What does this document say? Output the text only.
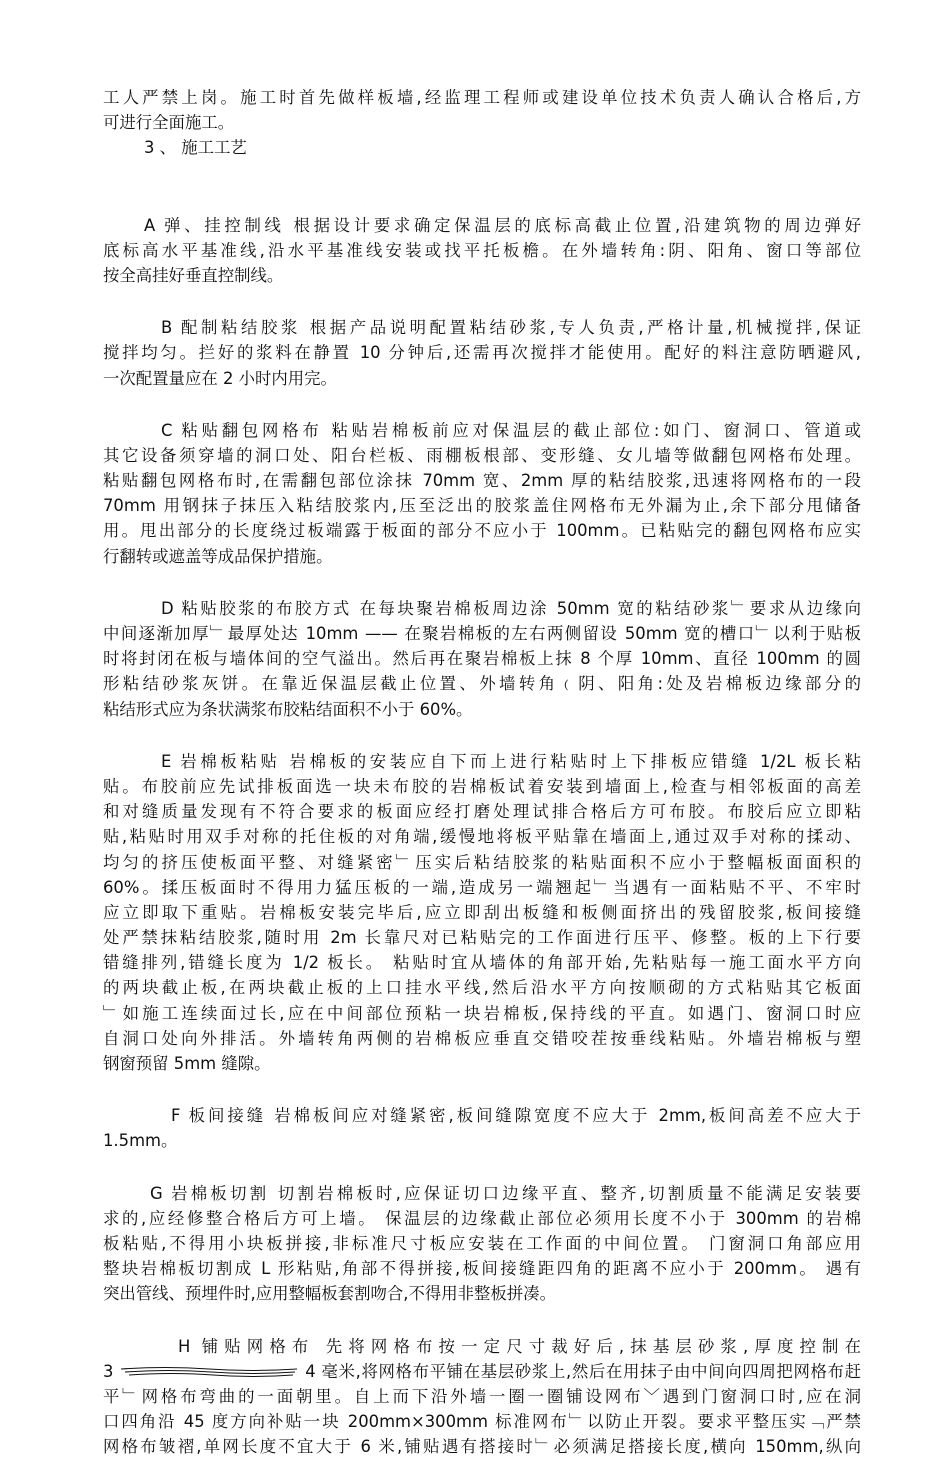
工人严禁上岗。施工时首先做样板墙,经监理工程师或建设单位技术负责人确认合格后,方
可进行全面施工。
3 、 施工工艺
A 弹、挂控制线 根据设计要求确定保温层的底标高截止位置,沿建筑物的周边弹好
底标高水平基准线,沿水平基准线安装或找平托板檐。在外墙转角:阴、阳角、窗口等部位
按全高挂好垂直控制线。
B 配制粘结胶浆 根据产品说明配置粘结砂浆,专人负责,严格计量,机械搅拌,保证
搅拌均匀。拦好的浆料在静置 10 分钟后,还需再次搅拌才能使用。配好的料注意防晒避风,
一次配置量应在 2 小时内用完。
C 粘贴翻包网格布 粘贴岩棉板前应对保温层的截止部位:如门、窗洞口、管道或
其它设备须穿墙的洞口处、阳台栏板、雨棚板根部、变形缝、女儿墙等做翻包网格布处理。
粘贴翻包网格布时,在需翻包部位涂抹 70mm 宽、2mm 厚的粘结胶浆,迅速将网格布的一段
70mm 用钢抹子抹压入粘结胶浆内,压至泛出的胶浆盖住网格布无外漏为止,余下部分甩储备
用。甩出部分的长度绕过板端露于板面的部分不应小于 100mm。已粘贴完的翻包网格布应实
行翻转或遮盖等成品保护措施。
D 粘贴胶浆的布胶方式 在每块聚岩棉板周边涂 50mm 宽的粘结砂浆﹂要求从边缘向
中间逐渐加厚﹂最厚处达 10mm —— 在聚岩棉板的左右两侧留设 50mm 宽的槽口﹂以利于贴板
时将封闭在板与墙体间的空气溢出。然后再在聚岩棉板上抹 8 个厚 10mm、直径 100mm 的圆
形粘结砂浆灰饼。在靠近保温层截止位置、外墙转角﹙阴、阳角:处及岩棉板边缘部分的
粘结形式应为条状满浆布胶粘结面积不小于 60%。
E 岩棉板粘贴 岩棉板的安装应自下而上进行粘贴时上下排板应错缝 1/2L 板长粘
贴。布胶前应先试排板面选一块未布胶的岩棉板试着安装到墙面上,检查与相邻板面的高差
和对缝质量发现有不符合要求的板面应经打磨处理试排合格后方可布胶。布胶后应立即粘
贴,粘贴时用双手对称的托住板的对角端,缓慢地将板平贴靠在墙面上,通过双手对称的揉动、
均匀的挤压使板面平整、对缝紧密﹂压实后粘结胶浆的粘贴面积不应小于整幅板面面积的
60%。揉压板面时不得用力猛压板的一端,造成另一端翘起﹂当遇有一面粘贴不平、不牢时
应立即取下重贴。岩棉板安装完毕后,应立即刮出板缝和板侧面挤出的残留胶浆,板间接缝
处严禁抹粘结胶浆,随时用 2m 长靠尺对已粘贴完的工作面进行压平、修整。板的上下行要
错缝排列,错缝长度为 1/2 板长。 粘贴时宜从墙体的角部开始,先粘贴每一施工面水平方向
的两块截止板,在两块截止板的上口挂水平线,然后沿水平方向按顺砌的方式粘贴其它板面
﹂如施工连续面过长,应在中间部位预粘一块岩棉板,保持线的平直。如遇门、窗洞口时应
自洞口处向外排活。外墙转角两侧的岩棉板应垂直交错咬茬按垂线粘贴。外墙岩棉板与塑
钢窗预留 5mm 缝隙。
F 板间接缝 岩棉板间应对缝紧密,板间缝隙宽度不应大于 2mm,板间高差不应大于
1.5mm。
G 岩棉板切割 切割岩棉板时,应保证切口边缘平直、整齐,切割质量不能满足安装要
求的,应经修整合格后方可上墙。 保温层的边缘截止部位必须用长度不小于 300mm 的岩棉
板粘贴,不得用小块板拼接,非标准尺寸板应安装在工作面的中间位置。 门窗洞口角部应用
整块岩棉板切割成 L 形粘贴,角部不得拼接,板间接缝距四角的距离不应小于 200mm。 遇有
突出管线、预埋件时,应用整幅板套割吻合,不得用非整板拼凑。
H 铺贴网格布 先将网格布按一定尺寸裁好后,抹基层砂浆,厚度控制在
3	4 毫米,将网格布平铺在基层砂浆上,然后在用抹子由中间向四周把网格布赶
平﹂网格布弯曲的一面朝里。自上而下沿外墙一圈一圈铺设网布﹀遇到门窗洞口时,应在洞
口四角沿 45 度方向补贴一块 200mm×300mm 标准网布﹂以防止开裂。要求平整压实﹁严禁
网格布皱褶,单网长度不宜大于 6 米,铺贴遇有搭接时﹂必须满足搭接长度,横向 150mm,纵向
